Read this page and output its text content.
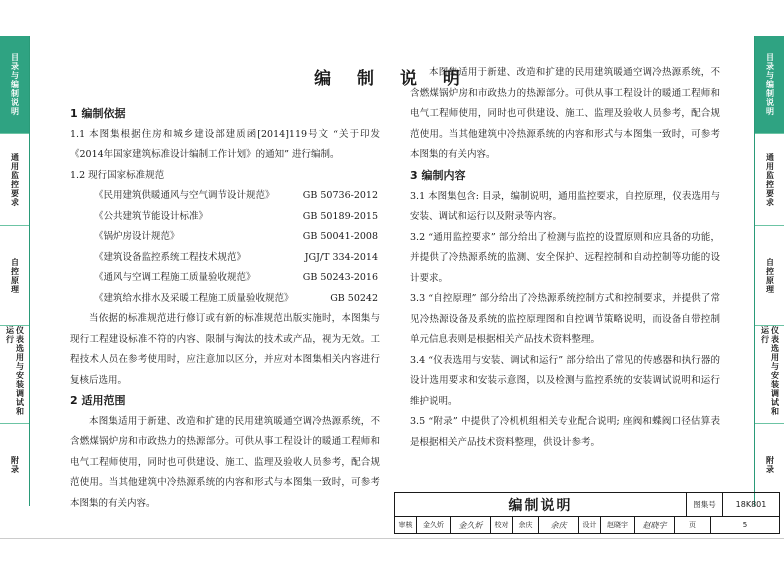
目录与编制说明
通用监控要求
自控原理
仪表选用与安装调试和运行
附录
目录与编制说明
通用监控要求
自控原理
仪表选用与安装调试和运行
附录
编 制 说 明
1 编制依据
1.1 本图集根据住房和城乡建设部建质函[2014]119号文 “关于印发《2014年国家建筑标准设计编制工作计划》的通知” 进行编制。
1.2 现行国家标准规范
《民用建筑供暖通风与空气调节设计规范》	GB 50736-2012
《公共建筑节能设计标准》	GB 50189-2015
《锅炉房设计规范》	GB 50041-2008
《建筑设备监控系统工程技术规范》	JGJ/T 334-2014
《通风与空调工程施工质量验收规范》	GB 50243-2016
《建筑给水排水及采暖工程施工质量验收规范》	GB 50242
当依据的标准规范进行修订或有新的标准规范出版实施时，本图集与现行工程建设标准不符的内容、限制与淘汰的技术或产品，视为无效。工程技术人员在参考使用时，应注意加以区分，并应对本图集相关内容进行复核后选用。
2 适用范围
本图集适用于新建、改造和扩建的民用建筑暖通空调冷热源系统，不含燃煤锅炉房和市政热力的热源部分。可供从事工程设计的暖通工程师和电气工程师使用，同时也可供建设、施工、监理及验收人员参考，配合规范使用。当其他建筑中冷热源系统的内容和形式与本图集一致时，可参考本图集的有关内容。
本图集适用于新建、改造和扩建的民用建筑暖通空调冷热源系统，不含燃煤锅炉房和市政热力的热源部分。可供从事工程设计的暖通工程师和电气工程师使用，同时也可供建设、施工、监理及验收人员参考，配合规范使用。当其他建筑中冷热源系统的内容和形式与本图集一致时，可参考本图集的有关内容。
3 编制内容
3.1 本图集包含: 目录，编制说明，通用监控要求，自控原理，仪表选用与安装、调试和运行以及附录等内容。
3.2 “通用监控要求” 部分给出了检测与监控的设置原则和应具备的功能，并提供了冷热源系统的监测、安全保护、远程控制和自动控制等功能的设计要求。
3.3 “自控原理” 部分给出了冷热源系统控制方式和控制要求，并提供了常见冷热源设备及系统的监控原理图和自控调节策略说明，而设备自带控制单元信息表则是根据相关产品技术资料整理。
3.4 “仪表选用与安装、调试和运行” 部分给出了常见的传感器和执行器的设计选用要求和安装示意图，以及检测与监控系统的安装调试说明和运行维护说明。
3.5 “附录” 中提供了冷机机组相关专业配合说明; 座阀和蝶阀口径估算表是根据相关产品技术资料整理，供设计参考。
编制说明	图集号	18K801
审核	金久炘	金久炘	校对	余庆	余庆	设计	赵晓宇	赵晓宇	页	5
